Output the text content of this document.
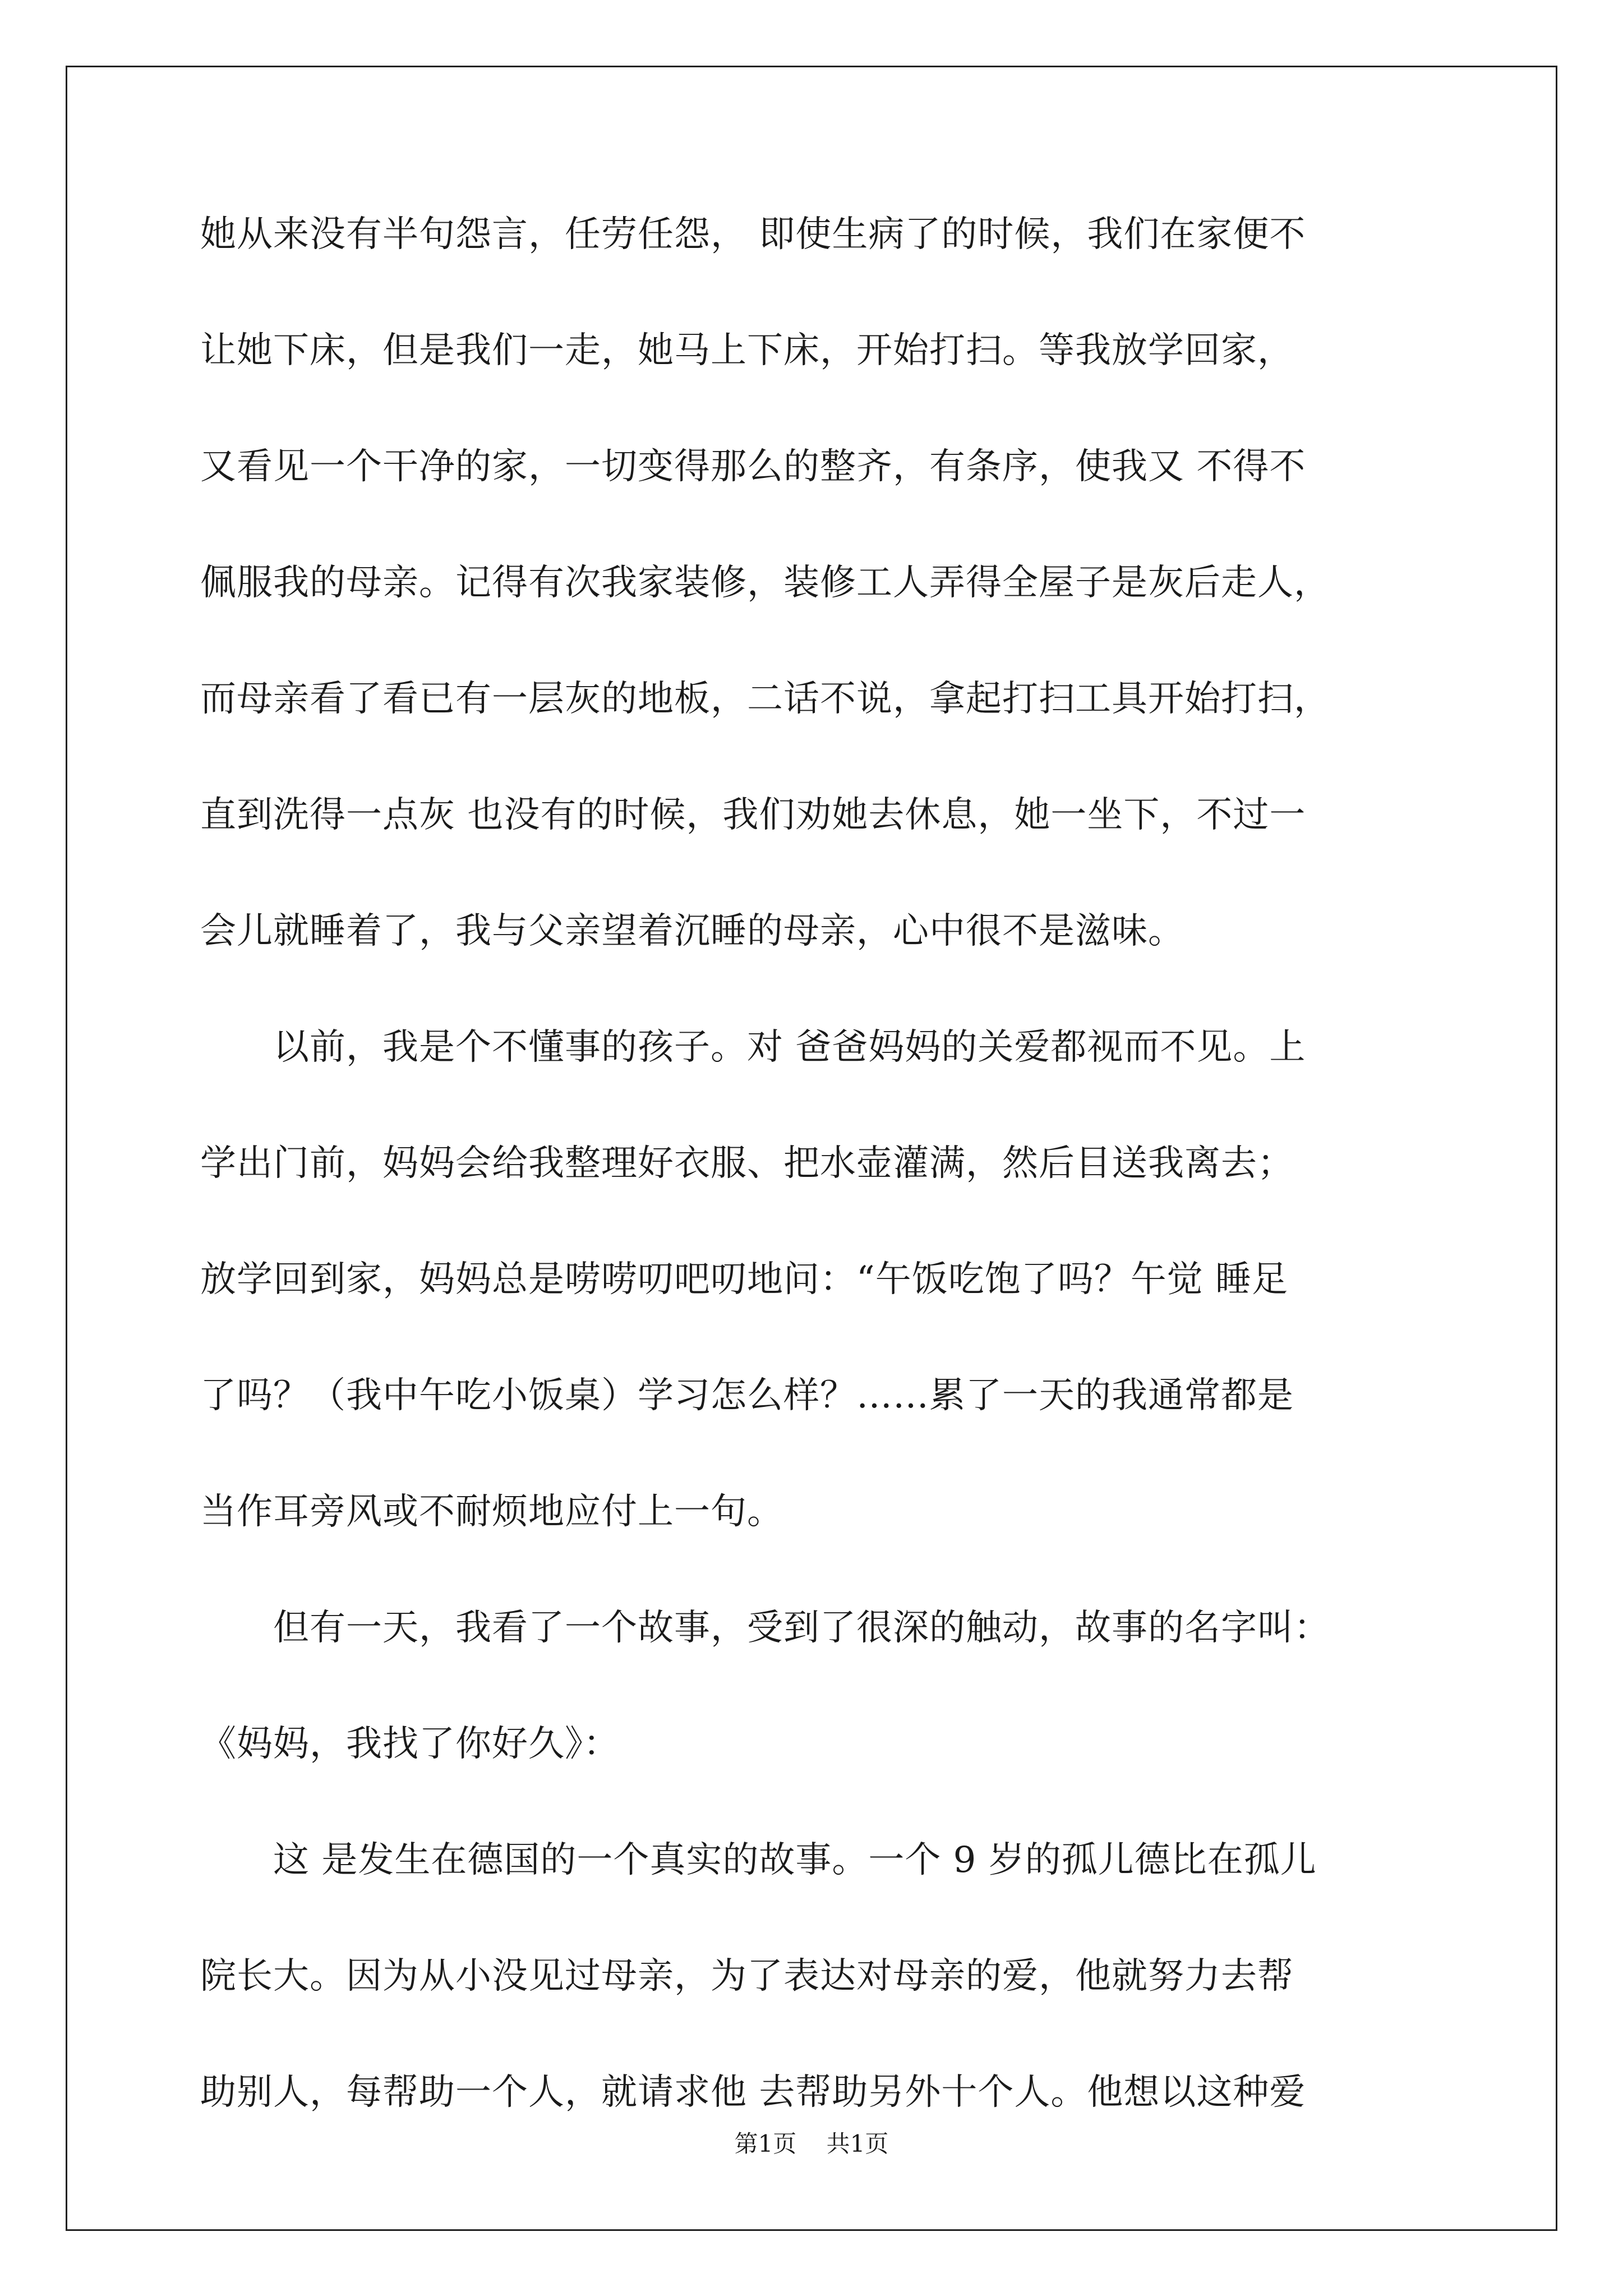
她从来没有半句怨言，任劳任怨， 即使生病了的时候，我们在家便不
让她下床，但是我们一走，她马上下床，开始打扫。等我放学回家，
又看见一个干净的家，一切变得那么的整齐，有条序，使我又 不得不
佩服我的母亲。记得有次我家装修，装修工人弄得全屋子是灰后走人，
而母亲看了看已有一层灰的地板，二话不说，拿起打扫工具开始打扫，
直到洗得一点灰 也没有的时候，我们劝她去休息，她一坐下，不过一
会儿就睡着了，我与父亲望着沉睡的母亲，心中很不是滋味。
　　以前，我是个不懂事的孩子。对 爸爸妈妈的关爱都视而不见。上
学出门前，妈妈会给我整理好衣服、把水壶灌满，然后目送我离去；
放学回到家，妈妈总是唠唠叨吧叨地问：“午饭吃饱了吗？午觉 睡足
了吗？（我中午吃小饭桌）学习怎么样？……累了一天的我通常都是
当作耳旁风或不耐烦地应付上一句。
　　但有一天，我看了一个故事，受到了很深的触动，故事的名字叫：
《妈妈，我找了你好久》：
　　这 是发生在德国的一个真实的故事。一个 9 岁的孤儿德比在孤儿
院长大。因为从小没见过母亲，为了表达对母亲的爱，他就努力去帮
助别人，每帮助一个人，就请求他 去帮助另外十个人。他想以这种爱
第1页    共1页
